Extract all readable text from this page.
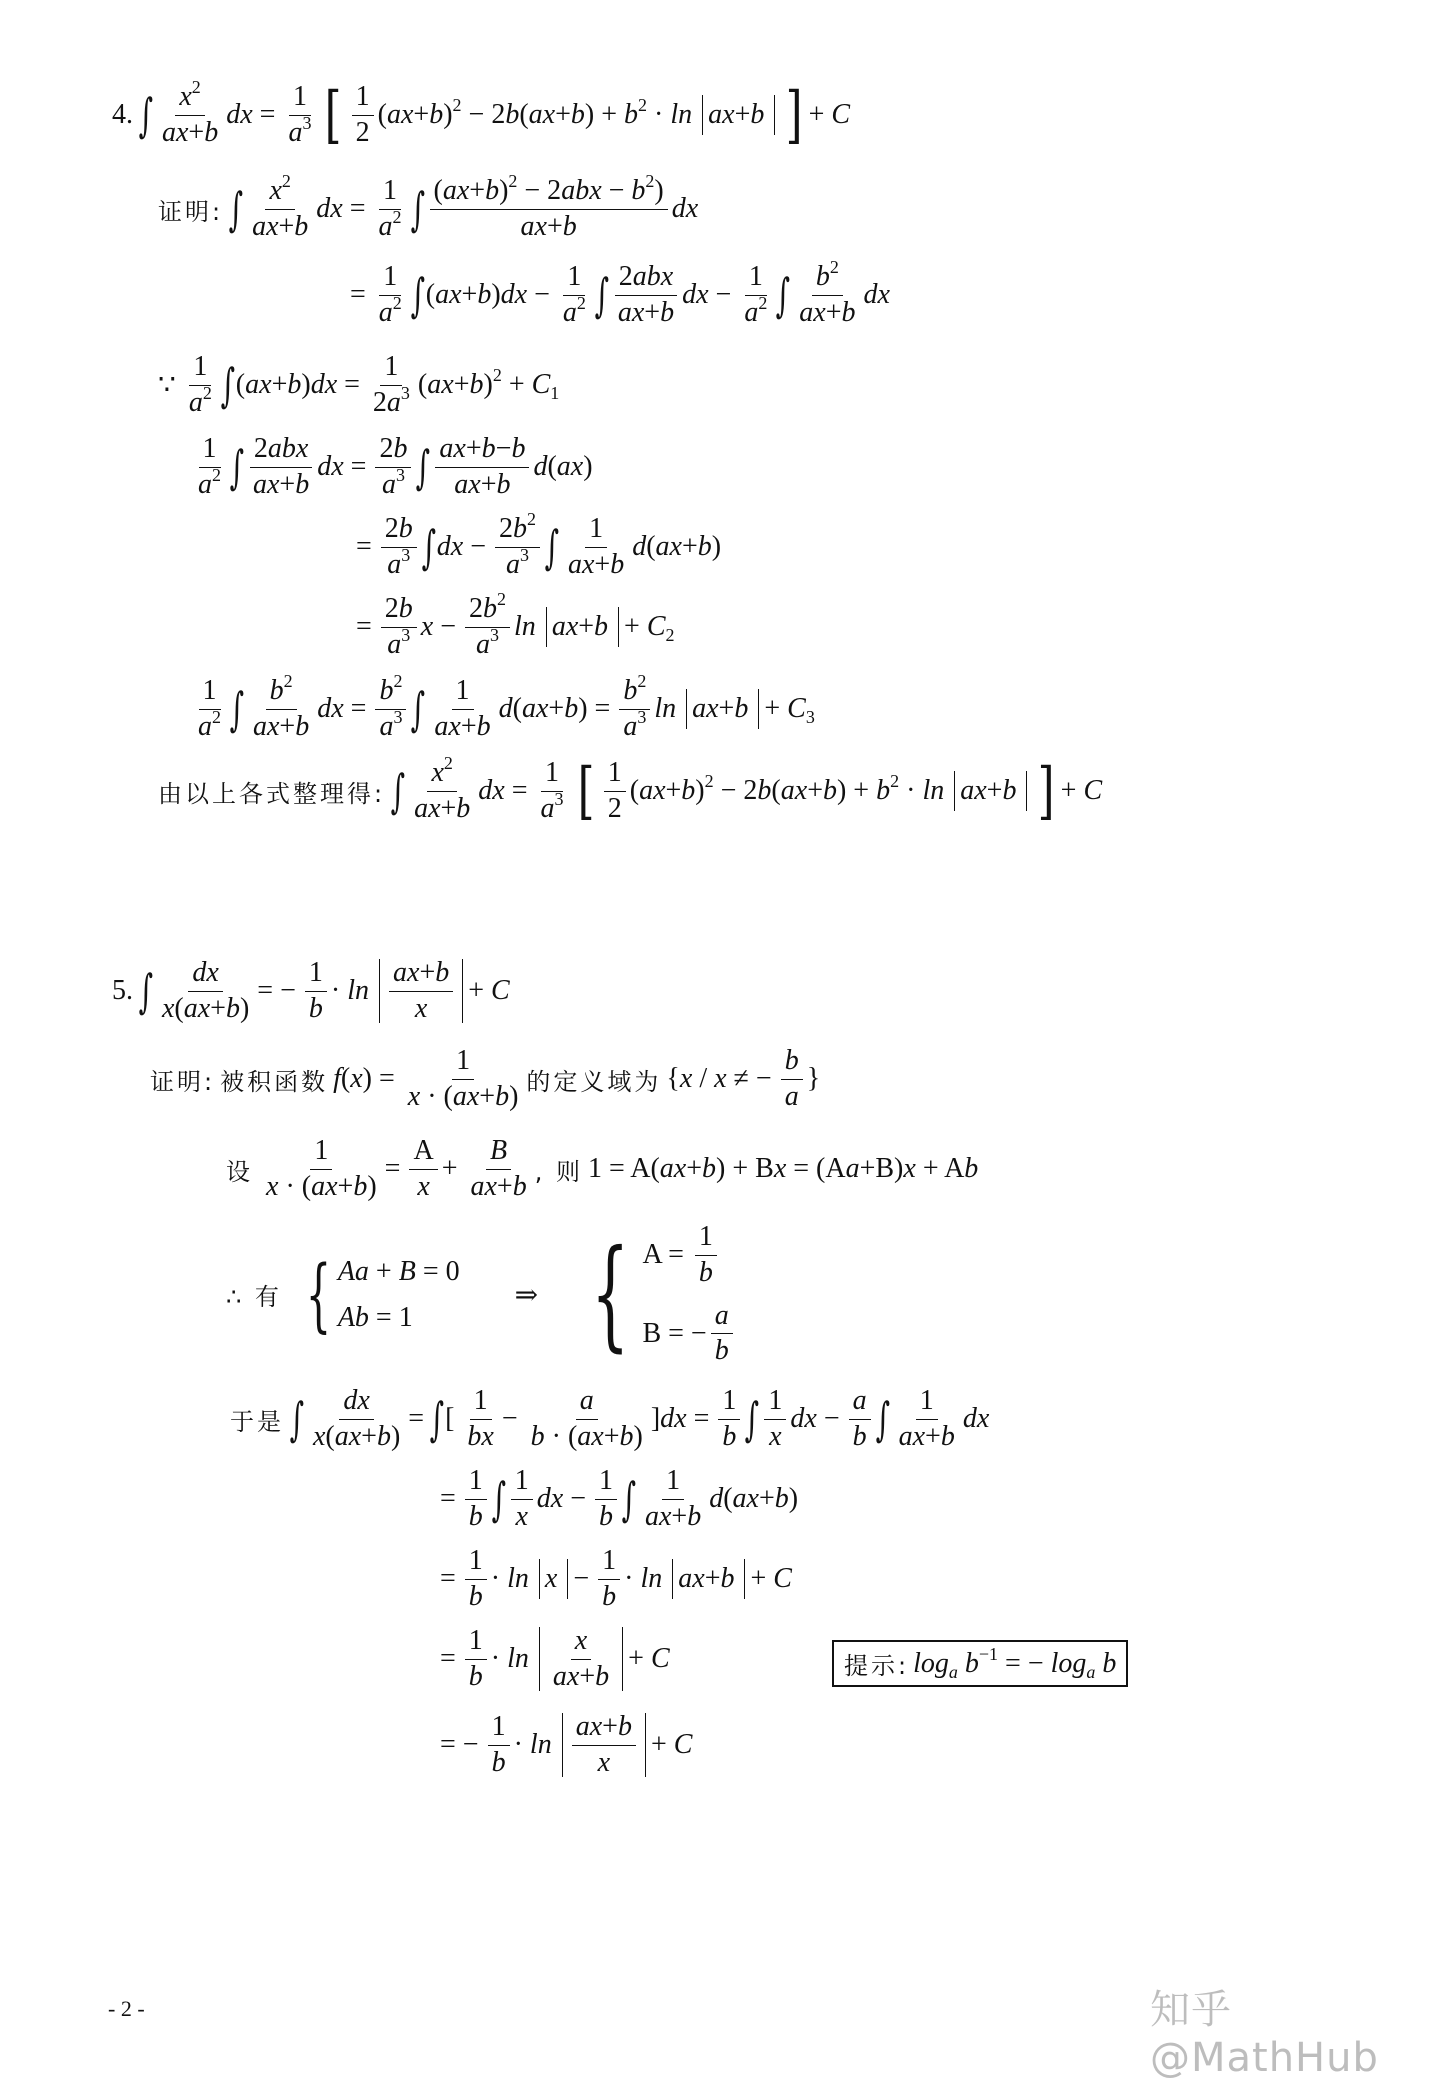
4. ∫ $\frac{x^2}{ax+b}$ dx = $\frac{1}{a^3}$ [ $\frac{1}{2} (ax+b)^2 - 2b(ax+b) + b^2 \cdot \ln ax+b$ ] + C
证明: ∫ $\frac{x^2}{ax+b}$ dx = $\frac{1}{a^2}$ ∫ $\frac{(ax+b)^2 - 2abx - b^2)}{ax+b}$ dx
= $\frac{1}{a^2}$ ∫ $(ax+b)dx - \frac{1}{a^2}$ ∫ $\frac{\text{2abx}}{ax+b}$ dx − $\frac{1}{a^2}$ ∫ $\frac{b^2}{ax+b}$ dx
∵ $\frac{1}{a^2}$ ∫ $(ax+b)dx = \frac{1}{2a^3} (ax+b)^2 + C_1$
$\frac{1}{a^2}$ ∫ $\frac{\text{2abx}}{ax+b}$ dx = $\frac{2b}{a^3}$ ∫ $\frac{ax+b-b}{ax+b} d(ax)$
= $\frac{2b}{a^3}$ ∫ dx − $\frac{2b^2}{a^3}$ ∫ $\frac{1}{ax+b} d(ax+b)$
= $\frac{2b}{a^3}$ $x - \frac{2b^2}{a^3}$ $\ln ax+b + C_2$
$\frac{1}{a^2}$ ∫ $\frac{b^2}{ax+b}$ dx = $\frac{b^2}{a^3}$ ∫ $\frac{1}{ax+b} d(ax+b) = \frac{b^2}{a^3}$ $\ln ax+b + C_3$
由以上各式整理得: ∫ $\frac{x^2}{ax+b}$ dx = $\frac{1}{a^3}$ [ $\frac{1}{2} (ax+b)^2 - 2b(ax+b) + b^2 \cdot \ln ax+b$ ] + C
5. ∫ $\frac{dx}{x(ax+b)}$ = − $\frac{1}{b} \cdot \ln \frac{ax+b}{x} + C$
证明: 被积函数 $f(x) = \frac{1}{x \cdot (ax+b)}$ 的定义域为 {x / x ≠ − $\frac{b}{a}$ }
设 $\frac{1}{x \cdot (ax+b)} = \frac{A}{x} + \frac{B}{ax+b}$ , 则 1 = A(ax+b) + Bx = (Aa+B)x + Ab
∴ 有 { Aa + B = 0
Ab = 1
⇒ { $A = \frac{1}{b}$
B = − $\frac{a}{b}$
于是 ∫ $\frac{dx}{x(ax+b)}$ = ∫ [ $\frac{1}{bx} - \frac{a}{b \cdot (ax+b)} ]dx = \frac{1}{b}$ ∫ $\frac{1}{x}$ dx − $\frac{a}{b}$ ∫ $\frac{1}{ax+b}$ dx
= $\frac{1}{b}$ ∫ $\frac{1}{x}$ dx − $\frac{1}{b}$ ∫ $\frac{1}{ax+b} d(ax+b)$
= $\frac{1}{b} \cdot \ln x - \frac{1}{b} \cdot \ln ax+b + C$
= $\frac{1}{b} \cdot \ln \frac{x}{ax+b} + C$
= − $\frac{1}{b} \cdot \ln \frac{ax+b}{x} + C$
提示: $\log_a b^{-1}$ = − $\log_a b$
- 2 -	知乎 @MathHub
